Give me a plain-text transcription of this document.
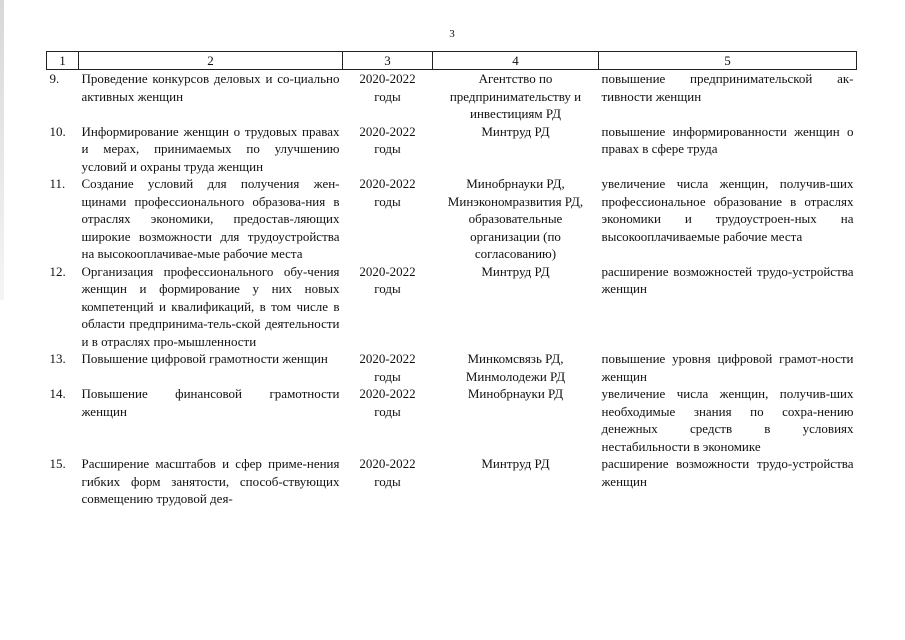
3
1	2	3	4	5
9.	Проведение конкурсов деловых и со-циально активных женщин	2020-2022 годы	Агентство по предпринимательству и инвестициям РД	повышение предпринимательской ак-тивности женщин
10.	Информирование женщин о трудовых правах и мерах, принимаемых по улучшению условий и охраны труда женщин	2020-2022 годы	Минтруд РД	повышение информированности женщин о правах в сфере труда
11.	Создание условий для получения жен-щинами профессионального образова-ния в отраслях экономики, предостав-ляющих широкие возможности для трудоустройства на высокооплачивае-мые рабочие места	2020-2022 годы	Минобрнауки РД, Минэкономразвития РД, образовательные организации (по согласованию)	увеличение числа женщин, получив-ших профессиональное образование в отраслях экономики и трудоустроен-ных на высокооплачиваемые рабочие места
12.	Организация профессионального обу-чения женщин и формирование у них новых компетенций и квалификаций, в том числе в области предпринима-тель-ской деятельности и в отраслях про-мышленности	2020-2022 годы	Минтруд РД	расширение возможностей трудо-устройства женщин
13.	Повышение цифровой грамотности женщин	2020-2022 годы	Минкомсвязь РД, Минмолодежи РД	повышение уровня цифровой грамот-ности женщин
14.	Повышение финансовой грамотности женщин	2020-2022 годы	Минобрнауки РД	увеличение числа женщин, получив-ших необходимые знания по сохра-нению денежных средств в условиях нестабильности в экономике
15.	Расширение масштабов и сфер приме-нения гибких форм занятости, способ-ствующих совмещению трудовой дея-	2020-2022 годы	Минтруд РД	расширение возможности трудо-устройства женщин
